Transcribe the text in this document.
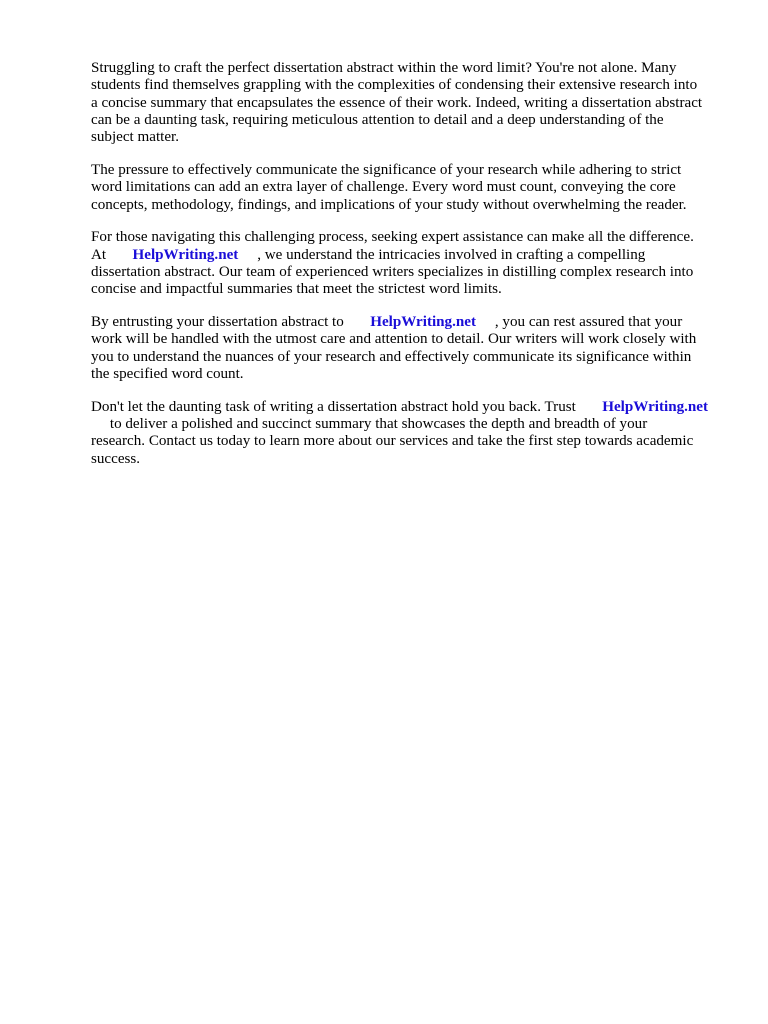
Struggling to craft the perfect dissertation abstract within the word limit? You're not alone. Many
students find themselves grappling with the complexities of condensing their extensive research into
a concise summary that encapsulates the essence of their work. Indeed, writing a dissertation abstract
can be a daunting task, requiring meticulous attention to detail and a deep understanding of the
subject matter.

The pressure to effectively communicate the significance of your research while adhering to strict
word limitations can add an extra layer of challenge. Every word must count, conveying the core
concepts, methodology, findings, and implications of your study without overwhelming the reader.

For those navigating this challenging process, seeking expert assistance can make all the difference.
At       HelpWriting.net , we understand the intricacies involved in crafting a compelling
dissertation abstract. Our team of experienced writers specializes in distilling complex research into
concise and impactful summaries that meet the strictest word limits.

By entrusting your dissertation abstract to       HelpWriting.net , you can rest assured that your
work will be handled with the utmost care and attention to detail. Our writers will work closely with
you to understand the nuances of your research and effectively communicate its significance within
the specified word count.

Don't let the daunting task of writing a dissertation abstract hold you back. Trust       HelpWriting.net
to deliver a polished and succinct summary that showcases the depth and breadth of your
research. Contact us today to learn more about our services and take the first step towards academic
success.
